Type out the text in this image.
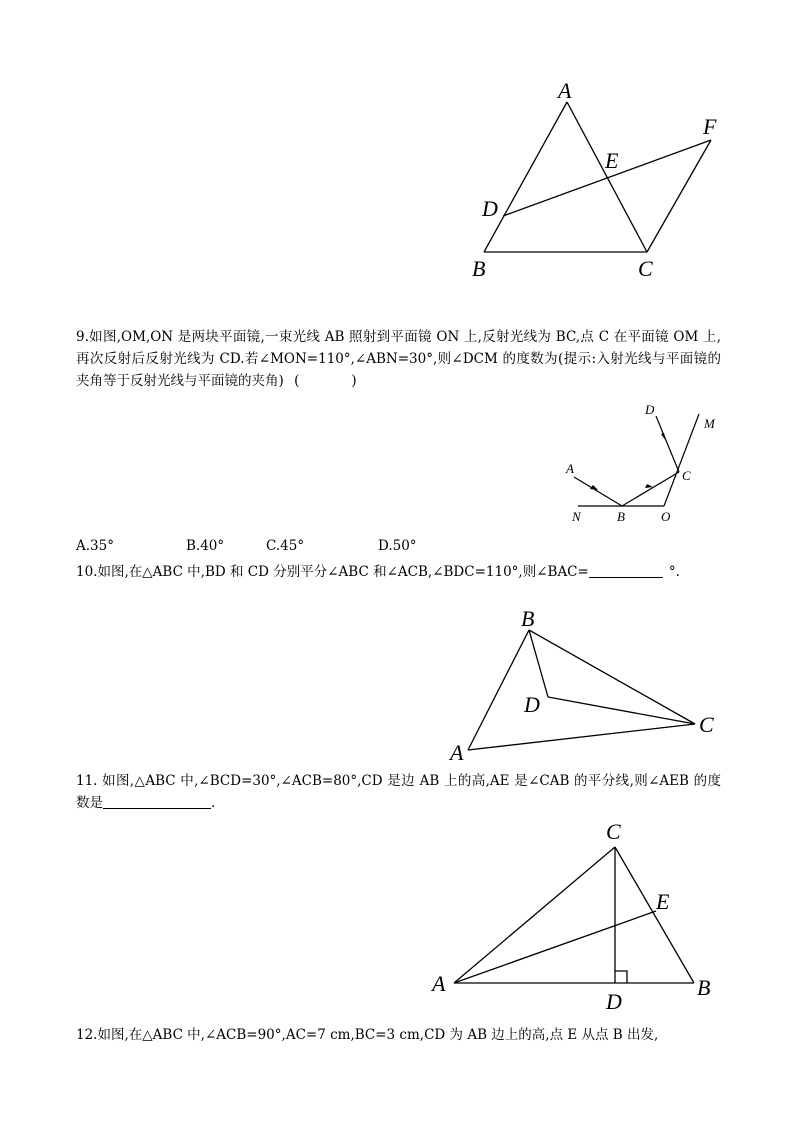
A
B	C
D
E
F
9.如图,OM,ON 是两块平面镜,一束光线 AB 照射到平面镜 ON 上,反射光线为 BC,点 C 在平面镜 OM 上,再次反射后反射光线为 CD.若∠MON=110°,∠ABN=30°,则∠DCM 的度数为(提示:入射光线与平面镜的夹角等于反射光线与平面镜的夹角) (	)
A
B
C
D
M
N	O
A.35°	B.40°	C.45°	D.50°
10.如图,在△ABC 中,BD 和 CD 分别平分∠ABC 和∠ACB,∠BDC=110°,则∠BAC=	°.
A
B
C
D
11. 如图,△ABC 中,∠BCD=30°,∠ACB=80°,CD 是边 AB 上的高,AE 是∠CAB 的平分线,则∠AEB 的度数是	.
A	B
C
D
E
12.如图,在△ABC 中,∠ACB=90°,AC=7 cm,BC=3 cm,CD 为 AB 边上的高,点 E 从点 B 出发,
